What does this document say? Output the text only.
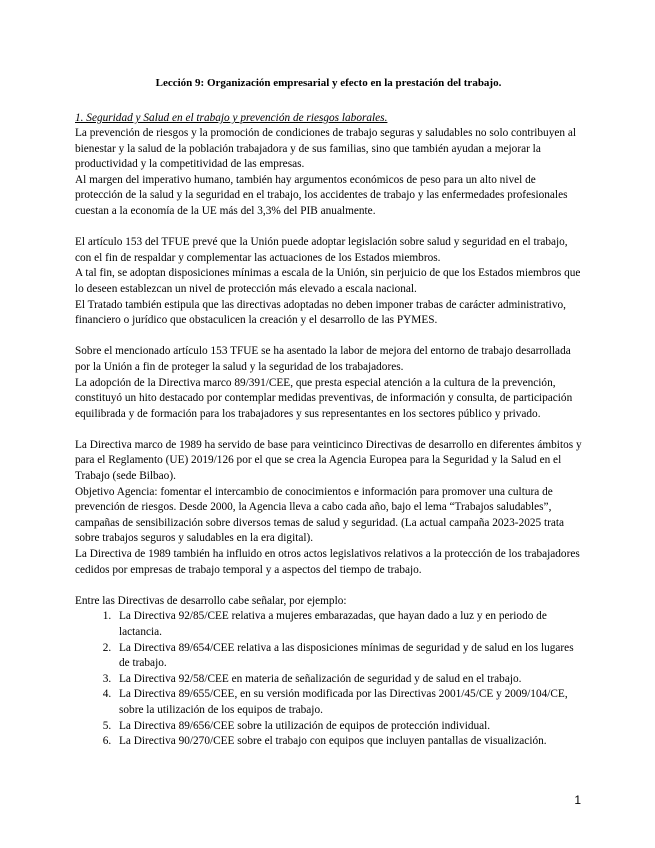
Lección 9: Organización empresarial y efecto en la prestación del trabajo.
1. Seguridad y Salud en el trabajo y prevención de riesgos laborales.

La prevención de riesgos y la promoción de condiciones de trabajo seguras y saludables no solo contribuyen al bienestar y la salud de la población trabajadora y de sus familias, sino que también ayudan a mejorar la productividad y la competitividad de las empresas.

Al margen del imperativo humano, también hay argumentos económicos de peso para un alto nivel de protección de la salud y la seguridad en el trabajo, los accidentes de trabajo y las enfermedades profesionales cuestan a la economía de la UE más del 3,3% del PIB anualmente.

El artículo 153 del TFUE prevé que la Unión puede adoptar legislación sobre salud y seguridad en el trabajo, con el fin de respaldar y complementar las actuaciones de los Estados miembros.

A tal fin, se adoptan disposiciones mínimas a escala de la Unión, sin perjuicio de que los Estados miembros que lo deseen establezcan un nivel de protección más elevado a escala nacional.

El Tratado también estipula que las directivas adoptadas no deben imponer trabas de carácter administrativo, financiero o jurídico que obstaculicen la creación y el desarrollo de las PYMES.

Sobre el mencionado artículo 153 TFUE se ha asentado la labor de mejora del entorno de trabajo desarrollada por la Unión a fin de proteger la salud y la seguridad de los trabajadores.

La adopción de la Directiva marco 89/391/CEE, que presta especial atención a la cultura de la prevención, constituyó un hito destacado por contemplar medidas preventivas, de información y consulta, de participación equilibrada y de formación para los trabajadores y sus representantes en los sectores público y privado.

La Directiva marco de 1989 ha servido de base para veinticinco Directivas de desarrollo en diferentes ámbitos y para el Reglamento (UE) 2019/126 por el que se crea la Agencia Europea para la Seguridad y la Salud en el Trabajo (sede Bilbao).

Objetivo Agencia: fomentar el intercambio de conocimientos e información para promover una cultura de prevención de riesgos. Desde 2000, la Agencia lleva a cabo cada año, bajo el lema “Trabajos saludables”, campañas de sensibilización sobre diversos temas de salud y seguridad. (La actual campaña 2023-2025 trata sobre trabajos seguros y saludables en la era digital).

La Directiva de 1989 también ha influido en otros actos legislativos relativos a la protección de los trabajadores cedidos por empresas de trabajo temporal y a aspectos del tiempo de trabajo.

Entre las Directivas de desarrollo cabe señalar, por ejemplo:

1. La Directiva 92/85/CEE relativa a mujeres embarazadas, que hayan dado a luz y en periodo de lactancia.
2. La Directiva 89/654/CEE relativa a las disposiciones mínimas de seguridad y de salud en los lugares de trabajo.
3. La Directiva 92/58/CEE en materia de señalización de seguridad y de salud en el trabajo.
4. La Directiva 89/655/CEE, en su versión modificada por las Directivas 2001/45/CE y 2009/104/CE, sobre la utilización de los equipos de trabajo.
5. La Directiva 89/656/CEE sobre la utilización de equipos de protección individual.
6. La Directiva 90/270/CEE sobre el trabajo con equipos que incluyen pantallas de visualización.
1
